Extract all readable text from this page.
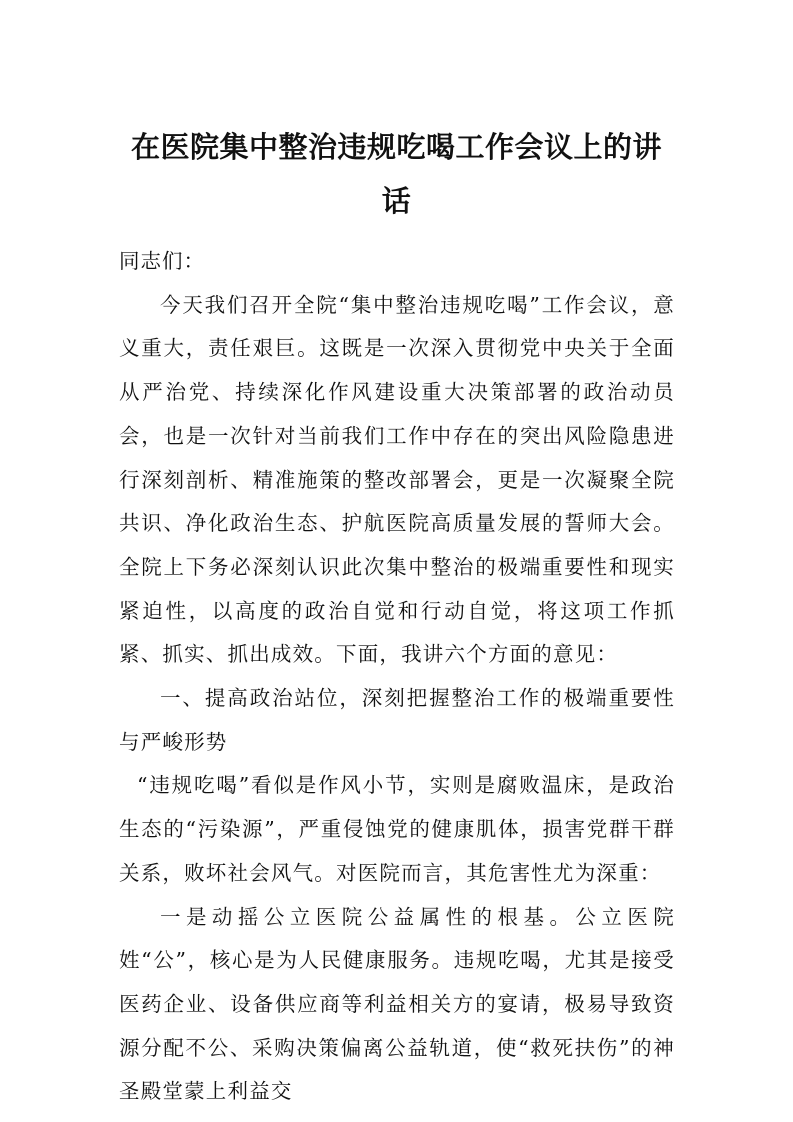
在医院集中整治违规吃喝工作会议上的讲话

同志们：

今天我们召开全院“集中整治违规吃喝”工作会议，意义重大，责任艰巨。这既是一次深入贯彻党中央关于全面从严治党、持续深化作风建设重大决策部署的政治动员会，也是一次针对当前我们工作中存在的突出风险隐患进行深刻剖析、精准施策的整改部署会，更是一次凝聚全院共识、净化政治生态、护航医院高质量发展的誓师大会。全院上下务必深刻认识此次集中整治的极端重要性和现实紧迫性，以高度的政治自觉和行动自觉，将这项工作抓紧、抓实、抓出成效。下面，我讲六个方面的意见：

一、提高政治站位，深刻把握整治工作的极端重要性与严峻形势

“违规吃喝”看似是作风小节，实则是腐败温床，是政治生态的“污染源”，严重侵蚀党的健康肌体，损害党群干群关系，败坏社会风气。对医院而言，其危害性尤为深重：

一是动摇公立医院公益属性的根基。公立医院姓“公”，核心是为人民健康服务。违规吃喝，尤其是接受医药企业、设备供应商等利益相关方的宴请，极易导致资源分配不公、采购决策偏离公益轨道，使“救死扶伤”的神圣殿堂蒙上利益交
